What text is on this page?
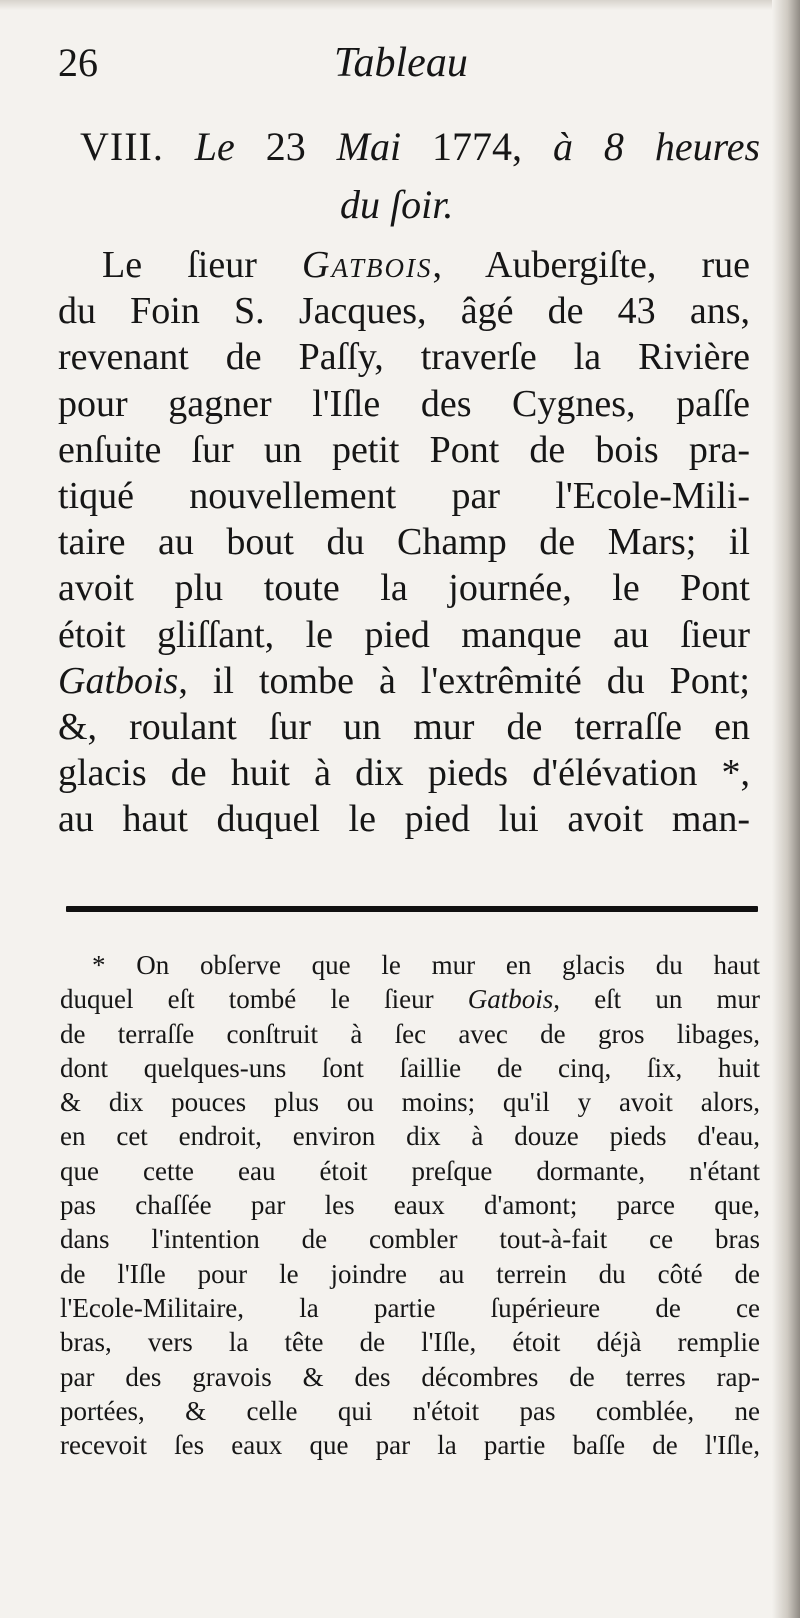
26	Tableau
VIII. Le 23 Mai 1774, à 8 heures
du ſoir.
Le ſieur Gatbois, Aubergiſte, rue
du Foin S. Jacques, âgé de 43 ans,
revenant de Paſſy, traverſe la Rivière
pour gagner l'Iſle des Cygnes, paſſe
enſuite ſur un petit Pont de bois pra-
tiqué nouvellement par l'Ecole-Mili-
taire au bout du Champ de Mars; il
avoit plu toute la journée, le Pont
étoit gliſſant, le pied manque au ſieur
Gatbois, il tombe à l'extrêmité du Pont;
&, roulant ſur un mur de terraſſe en
glacis de huit à dix pieds d'élévation *,
au haut duquel le pied lui avoit man-
* On obſerve que le mur en glacis du haut
duquel eſt tombé le ſieur Gatbois, eſt un mur
de terraſſe conſtruit à ſec avec de gros libages,
dont quelques-uns ſont ſaillie de cinq, ſix, huit
& dix pouces plus ou moins; qu'il y avoit alors,
en cet endroit, environ dix à douze pieds d'eau,
que cette eau étoit preſque dormante, n'étant
pas chaſſée par les eaux d'amont; parce que,
dans l'intention de combler tout-à-fait ce bras
de l'Iſle pour le joindre au terrein du côté de
l'Ecole-Militaire, la partie ſupérieure de ce
bras, vers la tête de l'Iſle, étoit déjà remplie
par des gravois & des décombres de terres rap-
portées, & celle qui n'étoit pas comblée, ne
recevoit ſes eaux que par la partie baſſe de l'Iſle,
